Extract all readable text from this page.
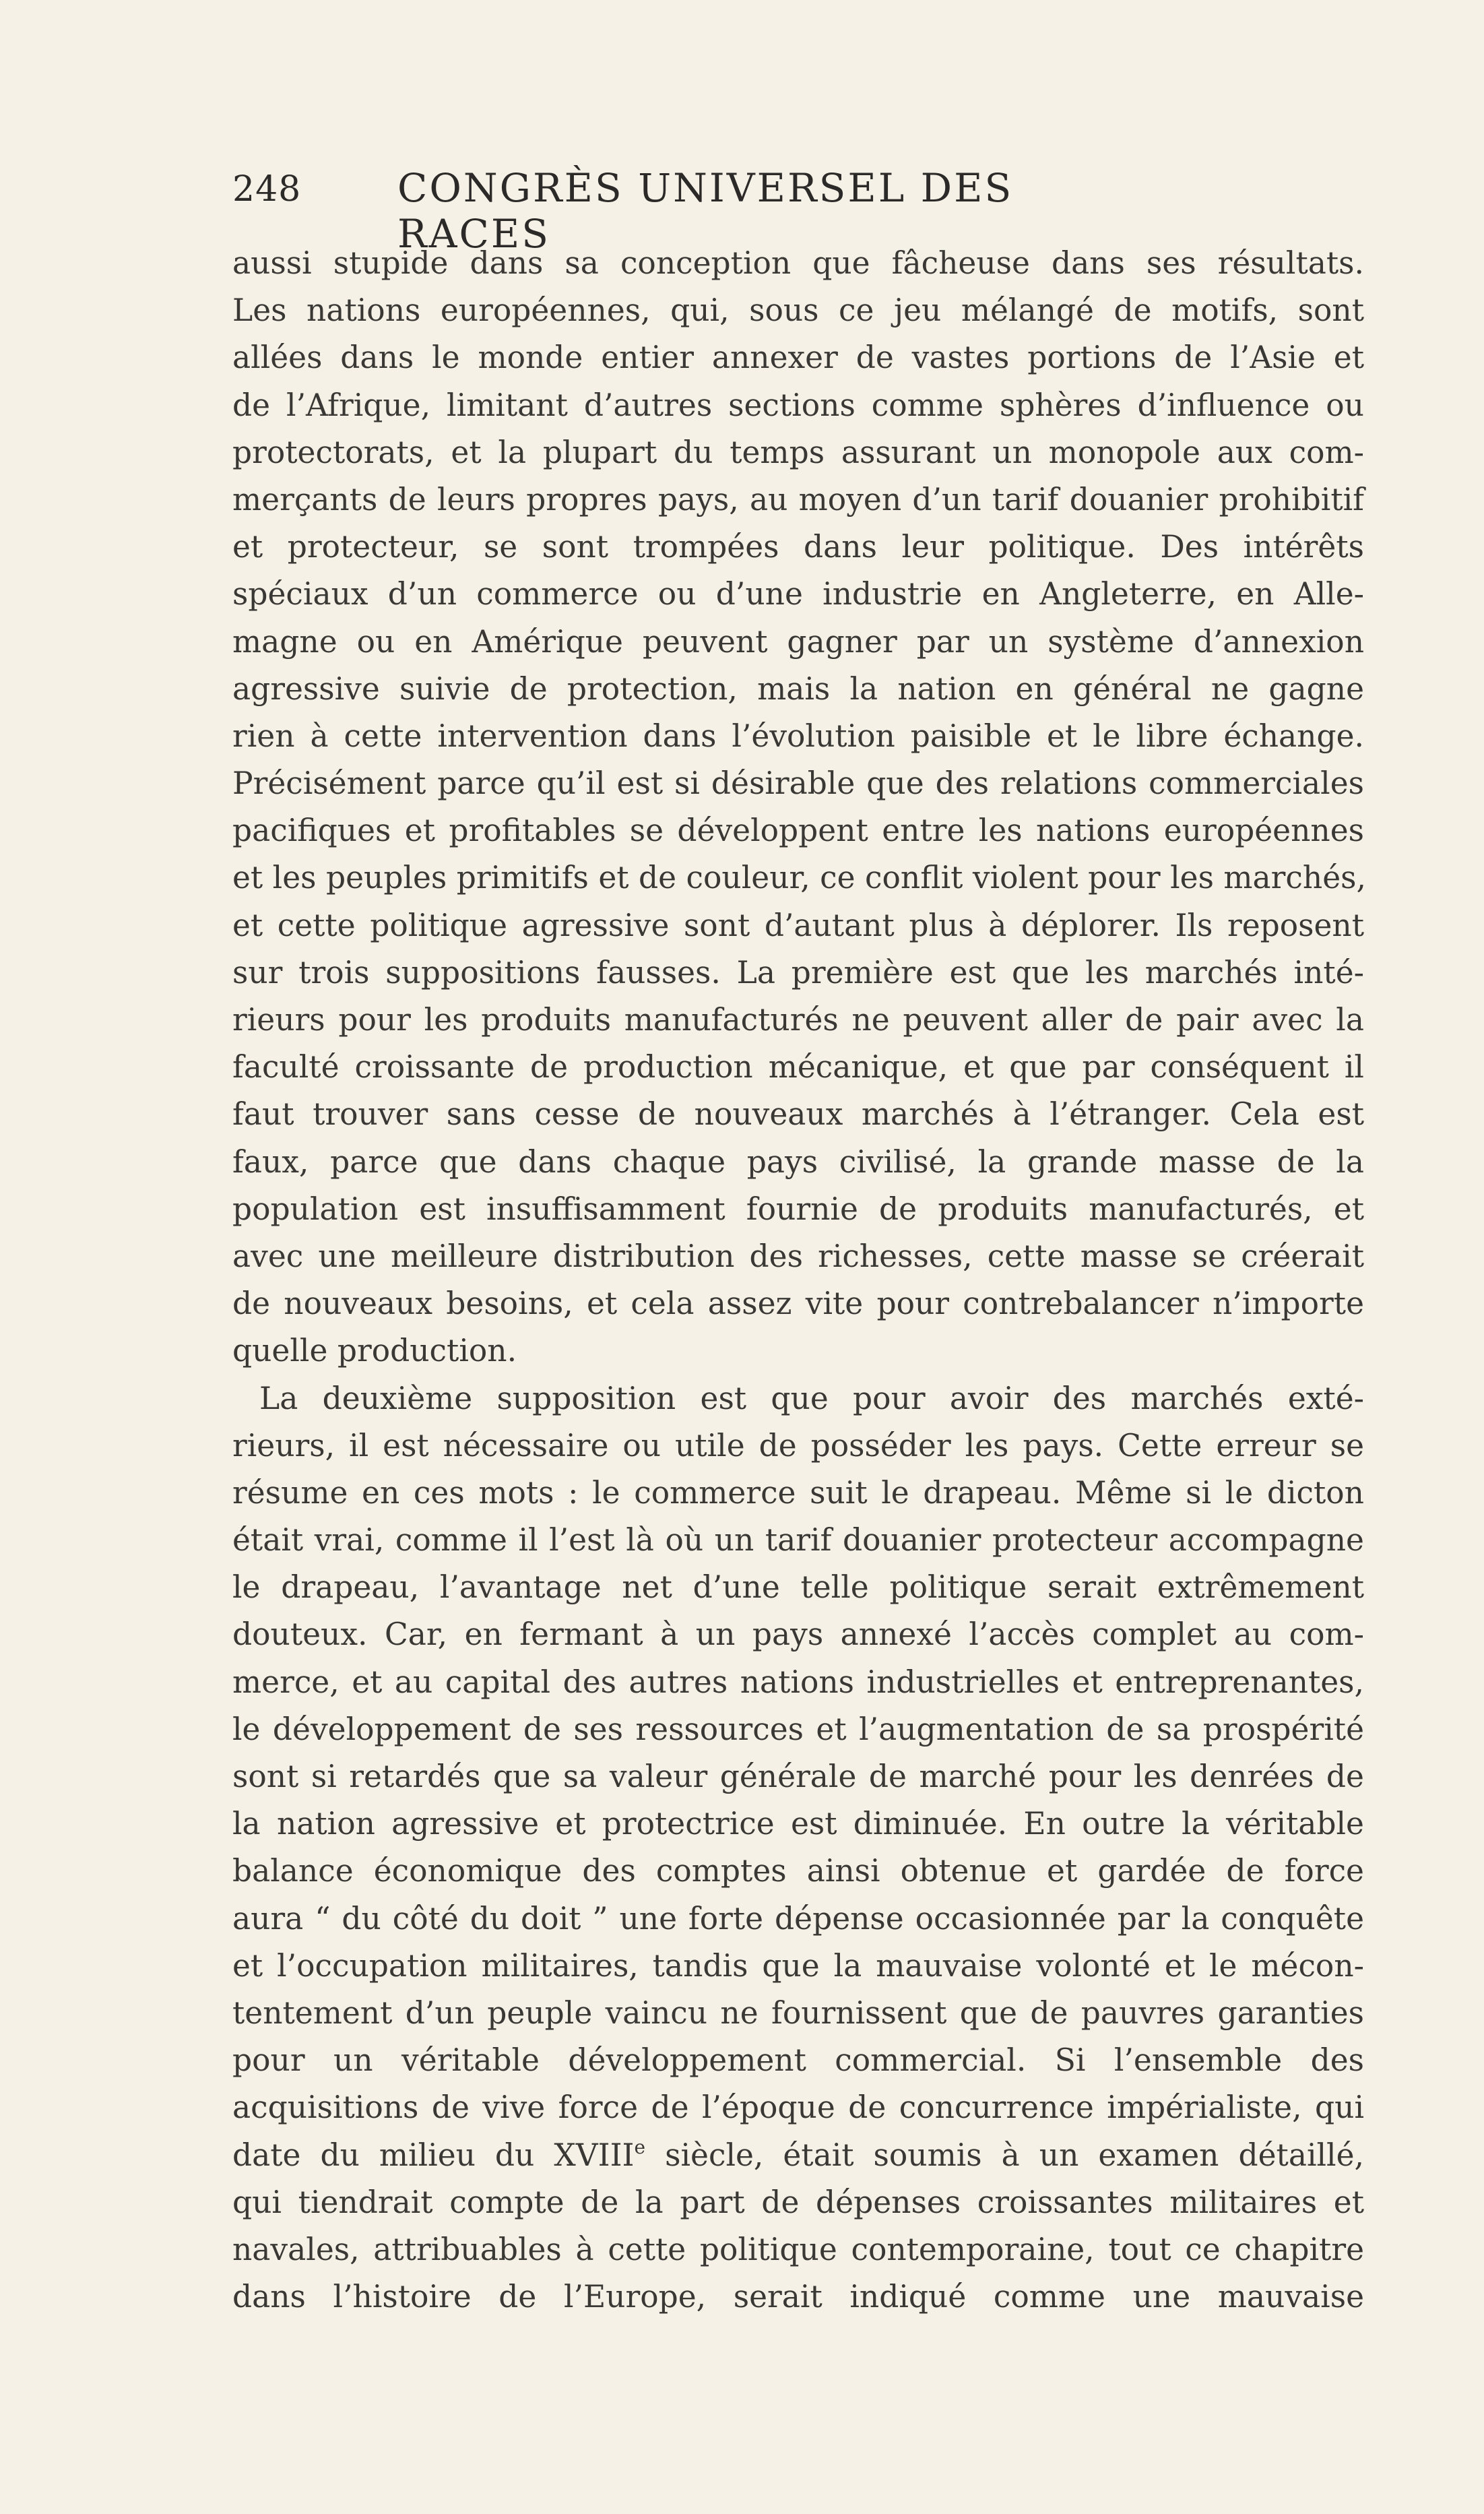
248 CONGRÈS UNIVERSEL DES RACES
aussi stupide dans sa conception que fâcheuse dans ses résultats.
Les nations européennes, qui, sous ce jeu mélangé de motifs, sont
allées dans le monde entier annexer de vastes portions de l’Asie et
de l’Afrique, limitant d’autres sections comme sphères d’influence ou
protectorats, et la plupart du temps assurant un monopole aux com-
merçants de leurs propres pays, au moyen d’un tarif douanier prohibitif
et protecteur, se sont trompées dans leur politique. Des intérêts
spéciaux d’un commerce ou d’une industrie en Angleterre, en Alle-
magne ou en Amérique peuvent gagner par un système d’annexion
agressive suivie de protection, mais la nation en général ne gagne
rien à cette intervention dans l’évolution paisible et le libre échange.
Précisément parce qu’il est si désirable que des relations commerciales
pacifiques et profitables se développent entre les nations européennes
et les peuples primitifs et de couleur, ce conflit violent pour les marchés,
et cette politique agressive sont d’autant plus à déplorer. Ils reposent
sur trois suppositions fausses. La première est que les marchés inté-
rieurs pour les produits manufacturés ne peuvent aller de pair avec la
faculté croissante de production mécanique, et que par conséquent il
faut trouver sans cesse de nouveaux marchés à l’étranger. Cela est
faux, parce que dans chaque pays civilisé, la grande masse de la
population est insuffisamment fournie de produits manufacturés, et
avec une meilleure distribution des richesses, cette masse se créerait
de nouveaux besoins, et cela assez vite pour contrebalancer n’importe
quelle production.
La deuxième supposition est que pour avoir des marchés exté-
rieurs, il est nécessaire ou utile de posséder les pays. Cette erreur se
résume en ces mots : le commerce suit le drapeau. Même si le dicton
était vrai, comme il l’est là où un tarif douanier protecteur accompagne
le drapeau, l’avantage net d’une telle politique serait extrêmement
douteux. Car, en fermant à un pays annexé l’accès complet au com-
merce, et au capital des autres nations industrielles et entreprenantes,
le développement de ses ressources et l’augmentation de sa prospérité
sont si retardés que sa valeur générale de marché pour les denrées de
la nation agressive et protectrice est diminuée. En outre la véritable
balance économique des comptes ainsi obtenue et gardée de force
aura “ du côté du doit ” une forte dépense occasionnée par la conquête
et l’occupation militaires, tandis que la mauvaise volonté et le mécon-
tentement d’un peuple vaincu ne fournissent que de pauvres garanties
pour un véritable développement commercial. Si l’ensemble des
acquisitions de vive force de l’époque de concurrence impérialiste, qui
date du milieu du XVIIIe siècle, était soumis à un examen détaillé,
qui tiendrait compte de la part de dépenses croissantes militaires et
navales, attribuables à cette politique contemporaine, tout ce chapitre
dans l’histoire de l’Europe, serait indiqué comme une mauvaise
